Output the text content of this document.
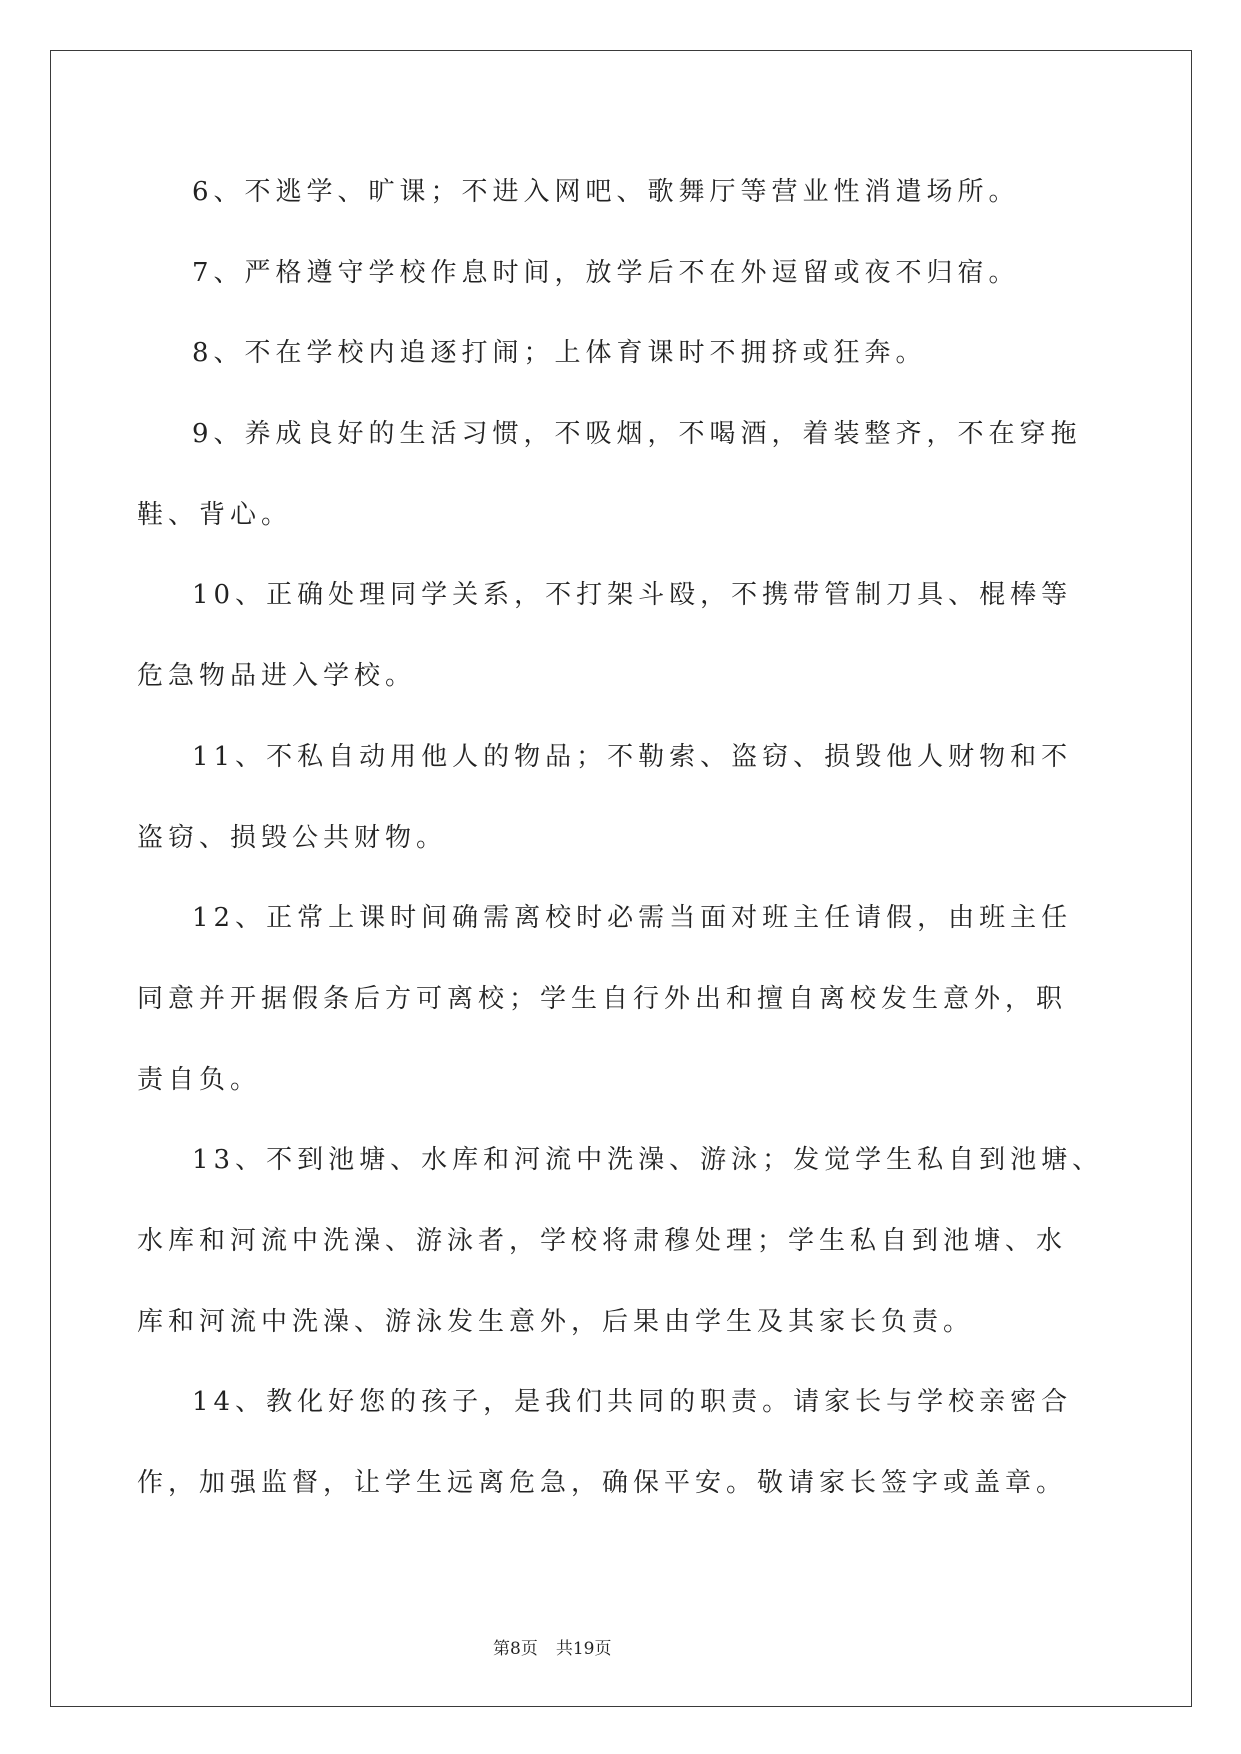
6、不逃学、旷课；不进入网吧、歌舞厅等营业性消遣场所。
7、严格遵守学校作息时间，放学后不在外逗留或夜不归宿。
8、不在学校内追逐打闹；上体育课时不拥挤或狂奔。
9、养成良好的生活习惯，不吸烟，不喝酒，着装整齐，不在穿拖
鞋、背心。
10、正确处理同学关系，不打架斗殴，不携带管制刀具、棍棒等
危急物品进入学校。
11、不私自动用他人的物品；不勒索、盗窃、损毁他人财物和不
盗窃、损毁公共财物。
12、正常上课时间确需离校时必需当面对班主任请假，由班主任
同意并开据假条后方可离校；学生自行外出和擅自离校发生意外，职
责自负。
13、不到池塘、水库和河流中洗澡、游泳；发觉学生私自到池塘、
水库和河流中洗澡、游泳者，学校将肃穆处理；学生私自到池塘、水
库和河流中洗澡、游泳发生意外，后果由学生及其家长负责。
14、教化好您的孩子，是我们共同的职责。请家长与学校亲密合
作，加强监督，让学生远离危急，确保平安。敬请家长签字或盖章。
第8页 共19页
